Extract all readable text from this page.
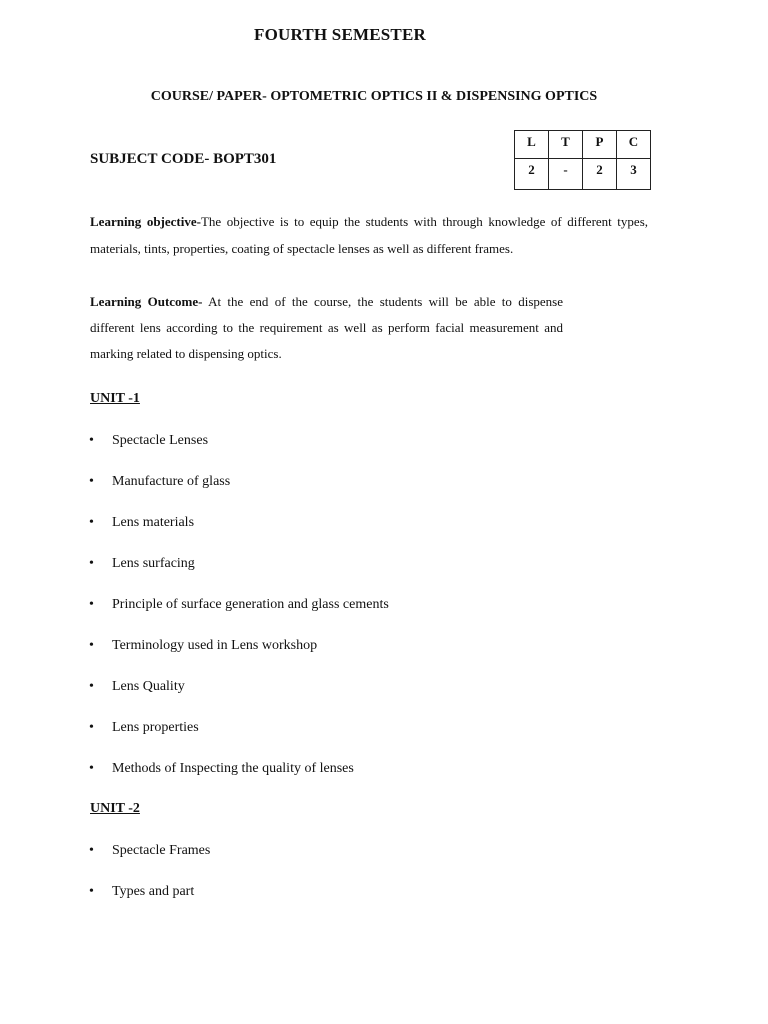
FOURTH SEMESTER
COURSE/ PAPER- OPTOMETRIC OPTICS II & DISPENSING OPTICS
SUBJECT CODE- BOPT301
L	T	P	C
2	-	2	3

Learning objective-The objective is to equip the students with through knowledge of different types, materials, tints, properties, coating of spectacle lenses as well as different frames.

Learning Outcome- At the end of the course, the students will be able to dispense different lens according to the requirement as well as perform facial measurement and marking related to dispensing optics.

UNIT -1
• Spectacle Lenses
• Manufacture of glass
• Lens materials
• Lens surfacing
• Principle of surface generation and glass cements
• Terminology used in Lens workshop
• Lens Quality
• Lens properties
• Methods of Inspecting the quality of lenses
UNIT -2
• Spectacle Frames
• Types and part
